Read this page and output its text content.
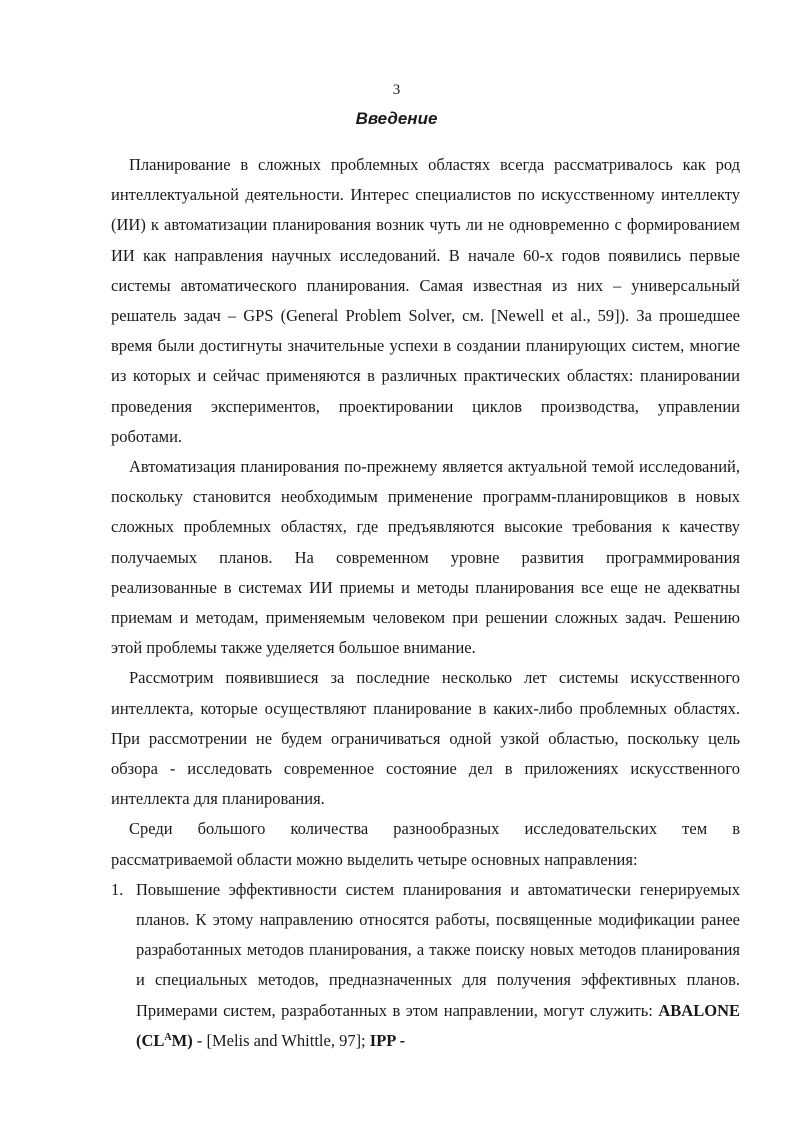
3
Введение

Планирование в сложных проблемных областях всегда рассматривалось как род интеллектуальной деятельности. Интерес специалистов по искусственному интеллекту (ИИ) к автоматизации планирования возник чуть ли не одновременно с формированием ИИ как направления научных исследований. В начале 60-х годов появились первые системы автоматического планирования. Самая известная из них – универсальный решатель задач – GPS (General Problem Solver, см. [Newell et al., 59]). За прошедшее время были достигнуты значительные успехи в создании планирующих систем, многие из которых и сейчас применяются в различных практических областях: планировании проведения экспериментов, проектировании циклов производства, управлении роботами.

Автоматизация планирования по-прежнему является актуальной темой исследований, поскольку становится необходимым применение программ-планировщиков в новых сложных проблемных областях, где предъявляются высокие требования к качеству получаемых планов. На современном уровне развития программирования реализованные в системах ИИ приемы и методы планирования все еще не адекватны приемам и методам, применяемым человеком при решении сложных задач. Решению этой проблемы также уделяется большое внимание.

Рассмотрим появившиеся за последние несколько лет системы искусственного интеллекта, которые осуществляют планирование в каких-либо проблемных областях. При рассмотрении не будем ограничиваться одной узкой областью, поскольку цель обзора - исследовать современное состояние дел в приложениях искусственного интеллекта для планирования.

Среди большого количества разнообразных исследовательских тем в рассматриваемой области можно выделить четыре основных направления:

1. Повышение эффективности систем планирования и автоматически генерируемых планов. К этому направлению относятся работы, посвященные модификации ранее разработанных методов планирования, а также поиску новых методов планирования и специальных методов, предназначенных для получения эффективных планов. Примерами систем, разработанных в этом направлении, могут служить: ABALONE $(CL^AM)$ - [Melis and Whittle, 97]; IPP -
